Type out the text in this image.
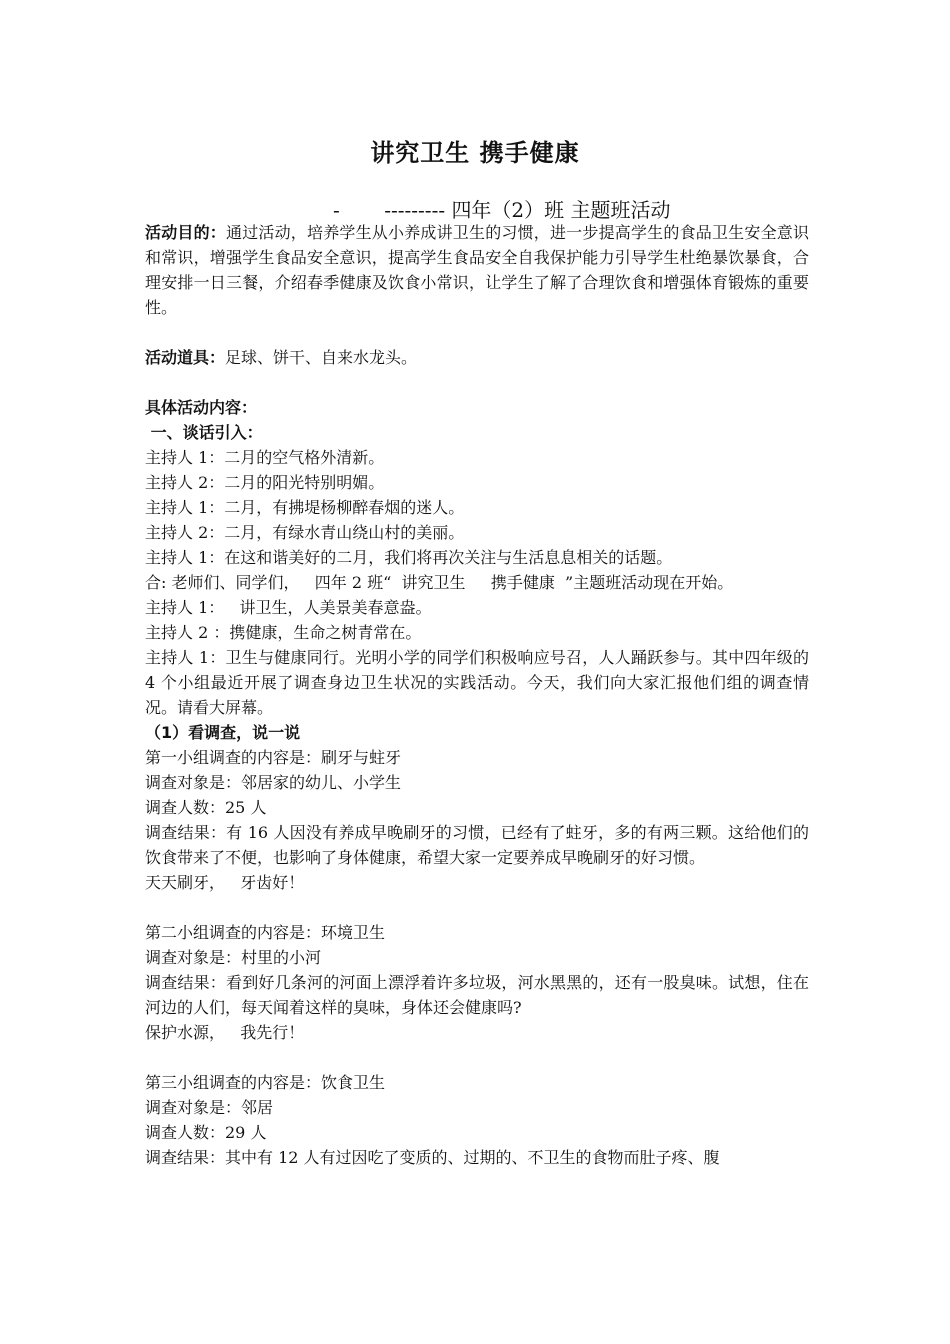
讲究卫生 携手健康
-       --------- 四年（2）班 主题班活动

活动目的：通过活动，培养学生从小养成讲卫生的习惯，进一步提高学生的食品卫生安全意识和常识，增强学生食品安全意识，提高学生食品安全自我保护能力引导学生杜绝暴饮暴食，合理安排一日三餐，介绍春季健康及饮食小常识，让学生了解了合理饮食和增强体育锻炼的重要性。

活动道具：足球、饼干、自来水龙头。

具体活动内容：

一、谈话引入：

主持人 1：二月的空气格外清新。

主持人 2：二月的阳光特别明媚。

主持人 1：二月，有拂堤杨柳醉春烟的迷人。

主持人 2：二月，有绿水青山绕山村的美丽。

主持人 1：在这和谐美好的二月，我们将再次关注与生活息息相关的话题。

合: 老师们、同学们，   四年 2 班“  讲究卫生     携手健康  ”主题班活动现在开始。

主持人 1：   讲卫生，人美景美春意盎。

主持人 2 ：携健康，生命之树青常在。

主持人 1：卫生与健康同行。光明小学的同学们积极响应号召，人人踊跃参与。其中四年级的 4 个小组最近开展了调查身边卫生状况的实践活动。今天，我们向大家汇报他们组的调查情况。请看大屏幕。

（1）看调查，说一说

第一小组调查的内容是：刷牙与蛀牙

调查对象是：邻居家的幼儿、小学生

调查人数：25 人

调查结果：有 16 人因没有养成早晚刷牙的习惯，已经有了蛀牙，多的有两三颗。这给他们的饮食带来了不便，也影响了身体健康，希望大家一定要养成早晚刷牙的好习惯。

天天刷牙，   牙齿好！

第二小组调查的内容是：环境卫生

调查对象是：村里的小河

调查结果：看到好几条河的河面上漂浮着许多垃圾，河水黑黑的，还有一股臭味。试想，住在河边的人们，每天闻着这样的臭味，身体还会健康吗?

保护水源，   我先行！

第三小组调查的内容是：饮食卫生

调查对象是：邻居

调查人数：29 人

调查结果：其中有 12 人有过因吃了变质的、过期的、不卫生的食物而肚子疼、腹
